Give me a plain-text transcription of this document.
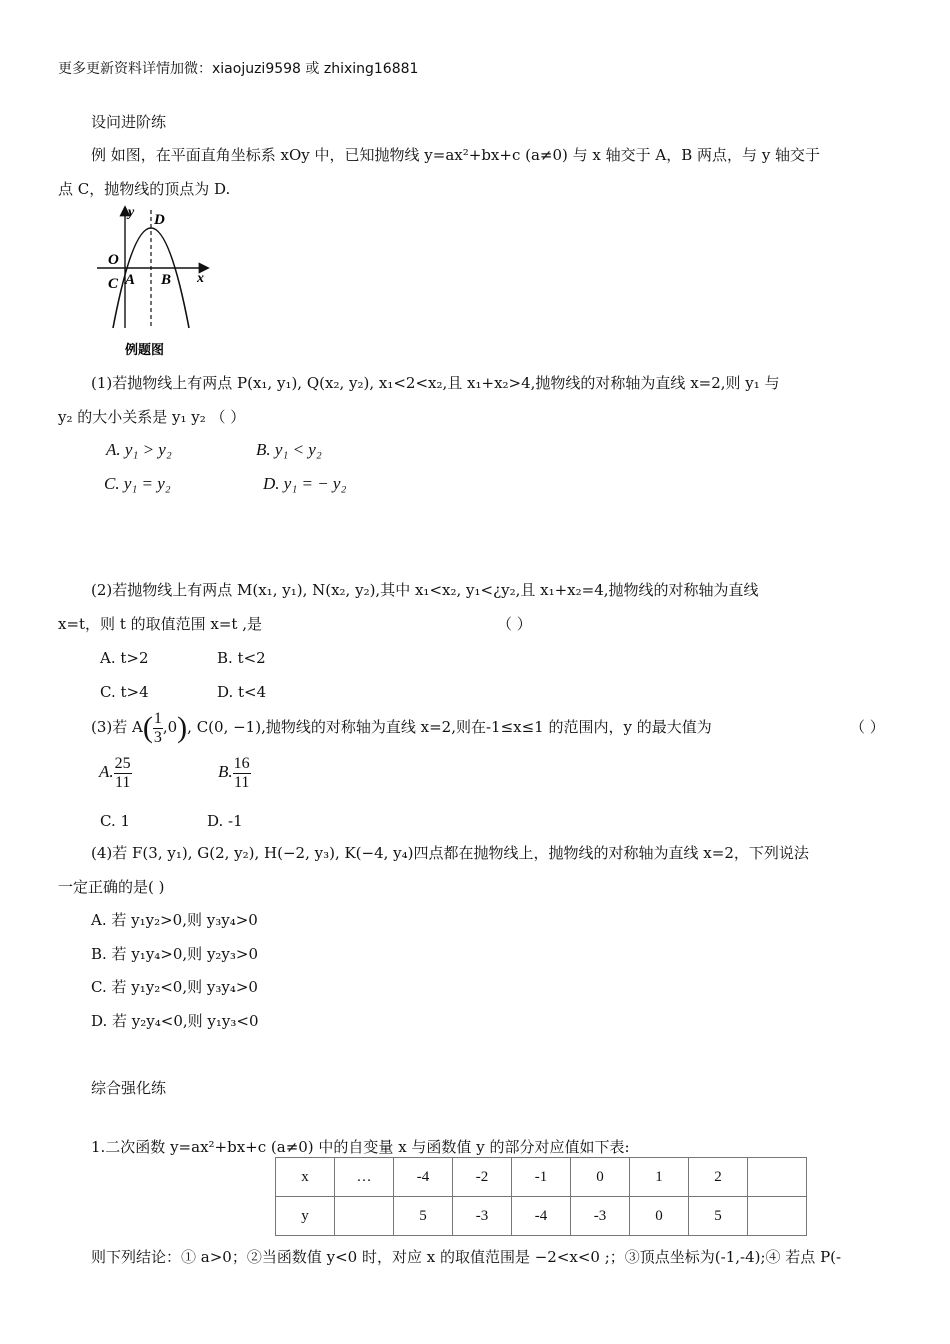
更多更新资料详情加微：xiaojuzi9598 或 zhixing16881
设问进阶练
例 如图，在平面直角坐标系 xOy 中，已知抛物线 y=ax²+bx+c (a≠0) 与 x 轴交于 A，B 两点，与 y 轴交于
点 C，抛物线的顶点为 D.
y D
O
C A B x
例题图
(1)若抛物线上有两点 P(x₁, y₁), Q(x₂, y₂), x₁<2<x₂,且 x₁+x₂>4,抛物线的对称轴为直线 x=2,则 y₁ 与
y₂ 的大小关系是 y₁ y₂ （ ）
A. y₁ > y₂	B. y₁ < y₂
C. y₁ = y₂	D. y₁ = − y₂
(2)若抛物线上有两点 M(x₁, y₁), N(x₂, y₂),其中 x₁<x₂, y₁<¿y₂,且 x₁+x₂=4,抛物线的对称轴为直线
x=t，则 t 的取值范围 x=t ,是	（ ）
A. t>2	B. t<2
C. t>4	D. t<4
(3)若 $A( \frac{1}{3} ,0)$, C(0, −1),抛物线的对称轴为直线 x=2,则在-1≤x≤1 的范围内，y 的最大值为	（ ）
A. $\frac{25}{11}$	B. $\frac{16}{11}$
C. 1	D. -1
(4)若 F(3, y₁), G(2, y₂), H(−2, y₃), K(−4, y₄)四点都在抛物线上，抛物线的对称轴为直线 x=2，下列说法
一定正确的是( )
A. 若 y₁y₂>0,则 y₃y₄>0
B. 若 y₁y₄>0,则 y₂y₃>0
C. 若 y₁y₂<0,则 y₃y₄>0
D. 若 y₂y₄<0,则 y₁y₃<0
综合强化练
1.二次函数 y=ax²+bx+c (a≠0) 中的自变量 x 与函数值 y 的部分对应值如下表:
x	…	-4	-2	-1	0	1	2	
y		5	-3	-4	-3	0	5	
则下列结论：① a>0；②当函数值 y<0 时，对应 x 的取值范围是 −2<x<0 ;；③顶点坐标为(-1,-4);④ 若点 P(-
